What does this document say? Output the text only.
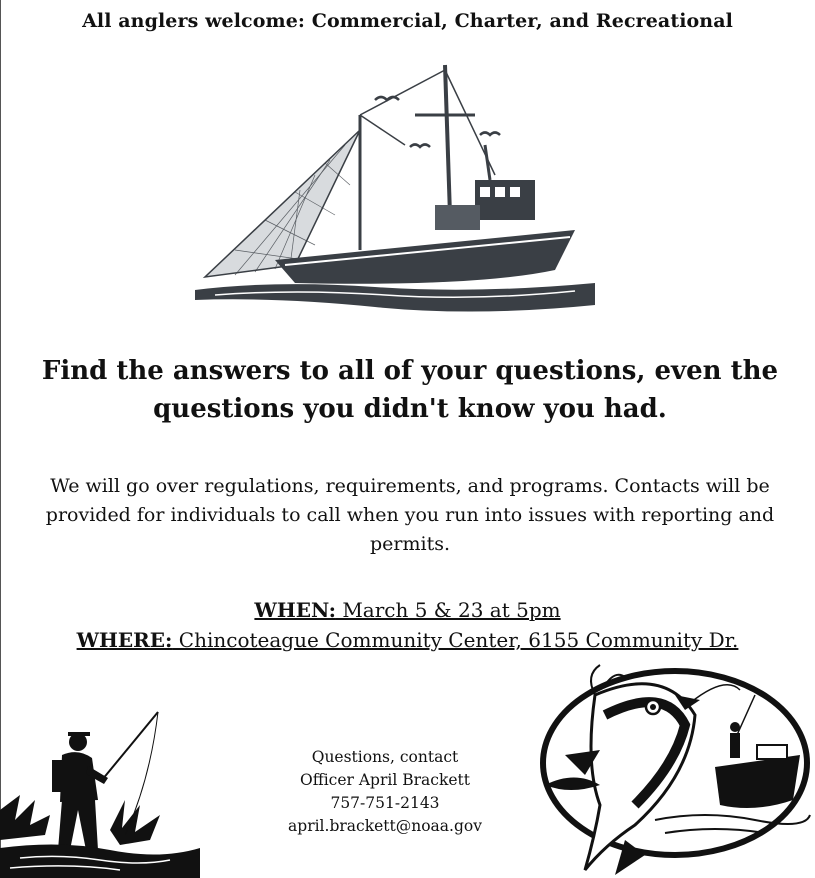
All anglers welcome: Commercial, Charter, and Recreational
Find the answers to all of your questions, even the
questions you didn't know you had.
We will go over regulations, requirements, and programs. Contacts will be
provided for individuals to call when you run into issues with reporting and
permits.
WHEN: March 5 & 23 at 5pm
WHERE: Chincoteague Community Center, 6155 Community Dr.
Questions, contact
Officer April Brackett
757-751-2143
april.brackett@noaa.gov
